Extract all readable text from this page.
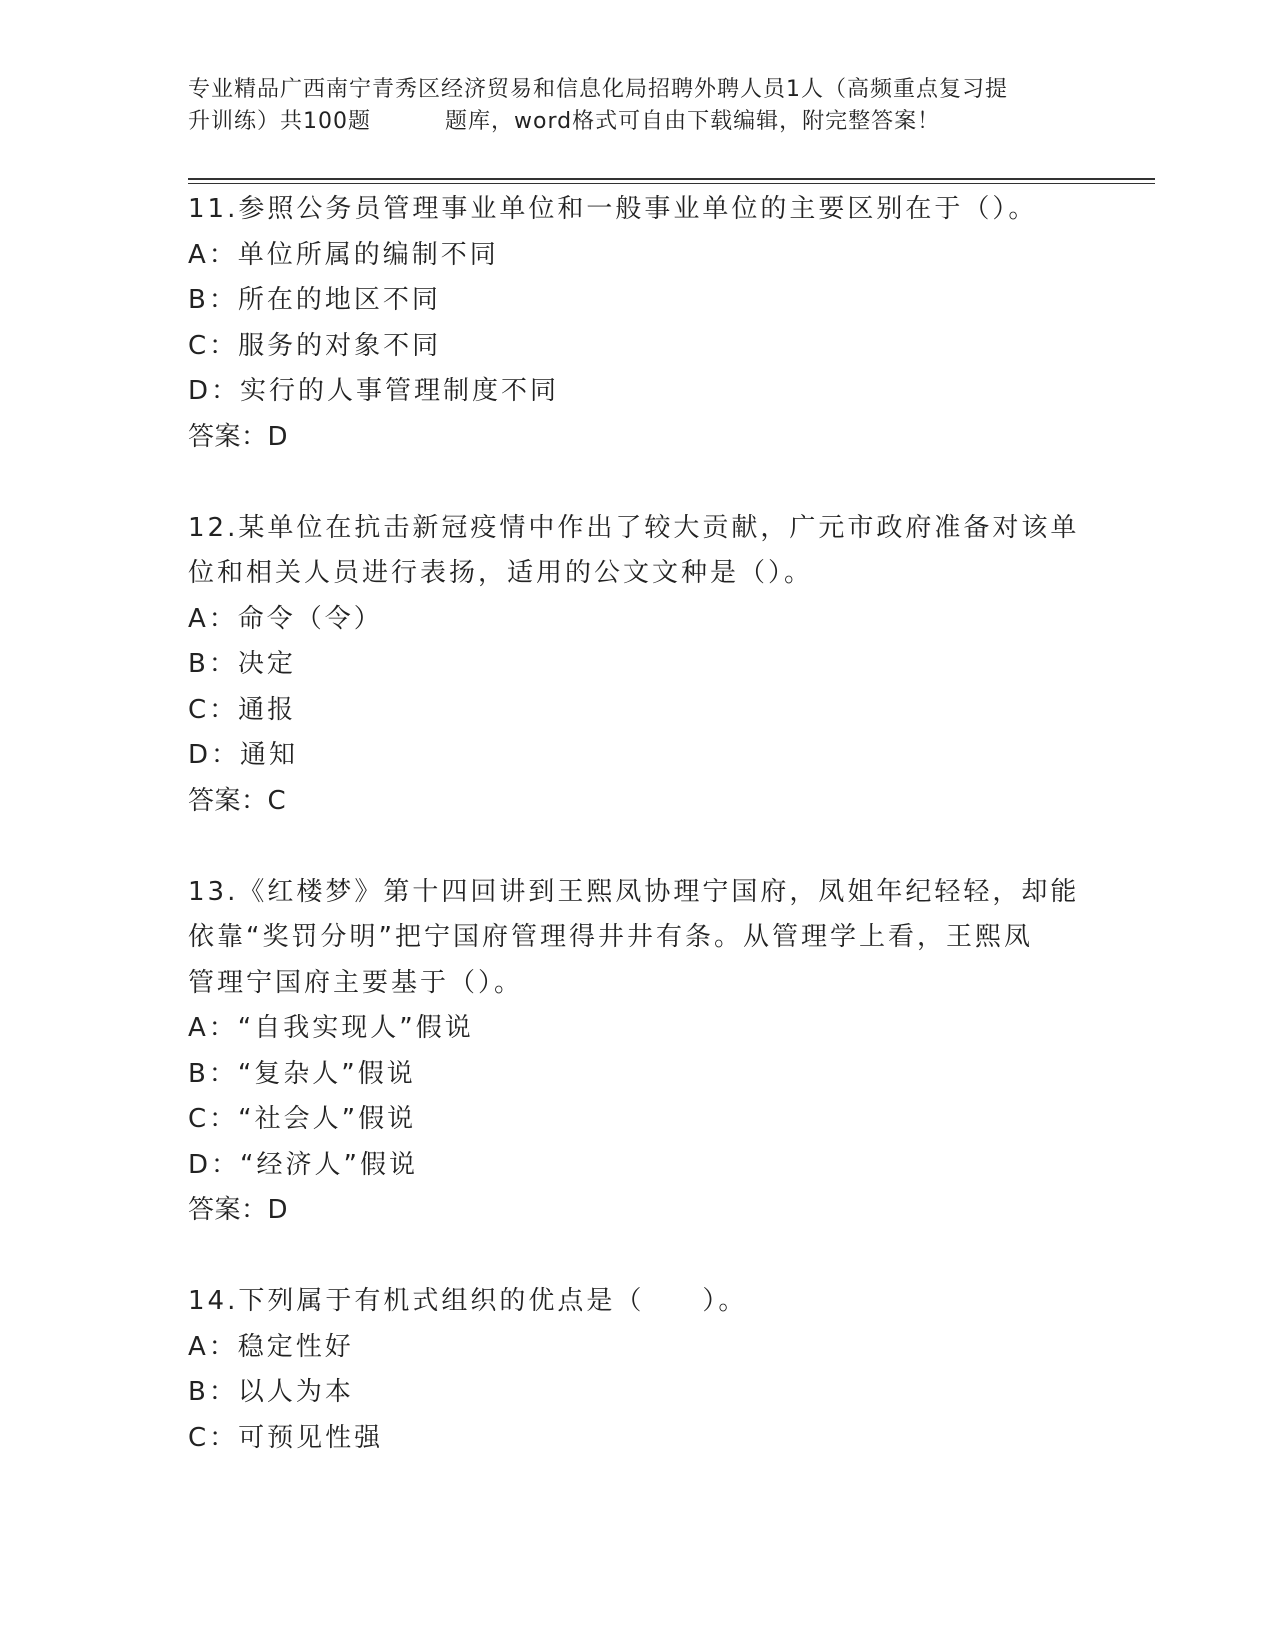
专业精品广西南宁青秀区经济贸易和信息化局招聘外聘人员1人（高频重点复习提
升训练）共100题	题库，word格式可自由下载编辑，附完整答案！
11.参照公务员管理事业单位和一般事业单位的主要区别在于（）。
A：单位所属的编制不同
B：所在的地区不同
C：服务的对象不同
D：实行的人事管理制度不同
答案：D
12.某单位在抗击新冠疫情中作出了较大贡献，广元市政府准备对该单
位和相关人员进行表扬，适用的公文文种是（）。
A：命令（令）
B：决定
C：通报
D：通知
答案：C
13.《红楼梦》第十四回讲到王熙凤协理宁国府，凤姐年纪轻轻，却能
依靠“奖罚分明”把宁国府管理得井井有条。从管理学上看，王熙凤
管理宁国府主要基于（）。
A：“自我实现人”假说
B：“复杂人”假说
C：“社会人”假说
D：“经济人”假说
答案：D
14.下列属于有机式组织的优点是（　　）。
A：稳定性好
B：以人为本
C：可预见性强
